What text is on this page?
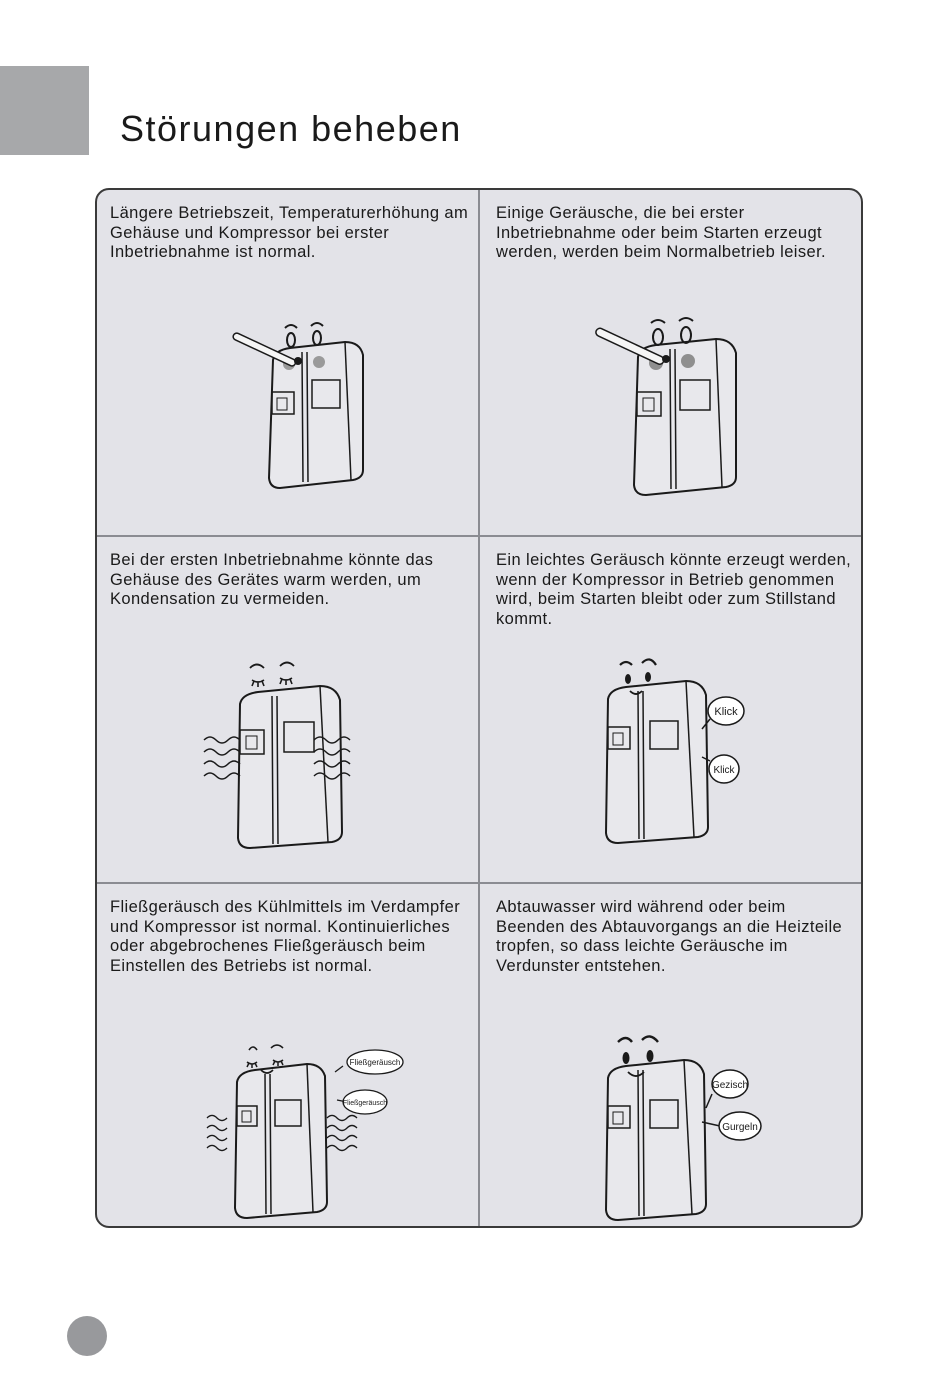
Störungen beheben
Längere Betriebszeit, Temperaturerhöhung am Gehäuse und Kompressor bei erster Inbetriebnahme ist normal.
Einige Geräusche, die bei erster Inbetriebnahme oder beim Starten erzeugt werden, werden beim Normalbetrieb leiser.
Bei der ersten Inbetriebnahme könnte das Gehäuse des Gerätes warm werden, um Kondensation zu vermeiden.
Ein leichtes Geräusch könnte erzeugt werden, wenn der Kompressor in Betrieb genommen wird, beim Starten bleibt oder zum Stillstand kommt.
Klick
Klick
Fließgeräusch des Kühlmittels im Verdampfer und Kompressor ist normal. Kontinuierliches oder abgebrochenes Fließgeräusch beim Einstellen des Betriebs ist normal.
Fließgeräusch
Fließgeräusch
Abtauwasser wird während oder beim Beenden des Abtauvorgangs an die Heizteile tropfen, so dass leichte Geräusche im Verdunster entstehen.
Gezisch
Gurgeln
